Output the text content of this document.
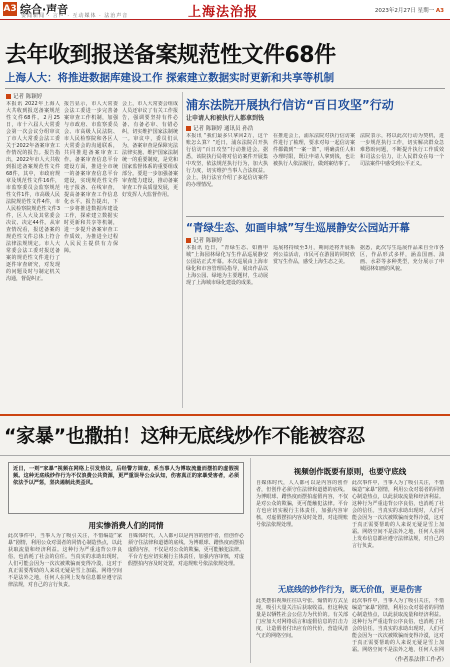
A3 综合·声音
要闻新闻 · 言声 · 互动媒体 · 法治声音	上海法治报	2023年2月27日 星期一 A3
去年收到报送备案规范性文件68件
上海人大：将推进数据库建设工作 探索建立数据实时更新和共享等机制
记者 陈颖婷
本报讯 2022年上海人大共收到报送备案规范性文件68件。2月25日，市十六届人大常委会第一次会议分组审议了市人大常委会法工委关于2022年备案审查工作情况的报告。报告指出，2022年市人大共收到报送备案规范性文件68件，其中，市政府规章及规范性文件16件，市监察委员会监察规范性文件1件，市高级人民法院规范性文件4件，市人民检察院规范性文件3件，区人大及其常委会决议、决定44件。从审查情况看，报送备案的规范性文件总体上符合法律法规规定。市人大常委会法工委对报送备案的规范性文件进行了逐件审查研究，对发现的问题及时与制定机关沟通，督促纠正。
报告显示，市人大常委会法工委进一步完善备案审查工作机制，加强与市政府、市监察委员会、市高级人民法院、市人民检察院和各区人大常委会的沟通联系，共同推进备案审查工作。备案审查信息平台建设方面，推进全市统一的备案审查信息平台建设，实现规范性文件电子报备、在线审查，提高备案审查工作信息化水平。报告提出，下一步将推进数据库建设工作，探索建立数据实时更新和共享等机制，进一步提升备案审查工作质效，为推进全过程人民民主提供有力保障。
会上，市人大常委会组成人员还审议了有关工作报告，强调要坚持有件必备、有备必审、有错必纠，切实维护国家法制统一。审议中，委员们认为，备案审查是保障宪法法律实施、维护国家法制统一的重要制度，是党和国家监督体系的重要组成部分。要进一步加强备案审查能力建设，推动备案审查工作高质量发展，更好发挥人大监督作用。
浦东法院开展执行信访“百日攻坚”行动
让申请人和被执行人都拿到钱
记者 陈颖婷 通讯员 孙浩
本报讯 “我们最多只拿回2万，这个账怎么算？”近日，浦东法院召开执行信访“百日攻坚”行动推进会。据悉，该院执行局将对信访案件开展集中攻坚，依法规范执行行为，加大执行力度，切实维护当事人合法权益。会上，执行法官介绍了多起信访案件的办理情况。
在推进会上，浦东法院对执行信访案件进行了梳理，要求对每一起信访案件都做到“一案一策”，明确责任人和办理时限，既让申请人拿到钱，也让被执行人依法履行，做到案结事了。
法院表示，将以此次行动为契机，进一步规范执行工作，切实解决群众急难愁盼问题，不断提升执行工作质效和司法公信力，让人民群众在每一个司法案件中感受到公平正义。
“青绿生态、如画申城”写生巡展静安公园站开幕
记者 陈颖婷
本报讯 近日，“青绿生态、如画申城”上海园林绿化写生作品巡展静安公园站正式开幕。本次巡展由上海市绿化和市容管理局指导，展出作品以上海公园、绿地为主要题材，生动展现了上海城市绿化建设的成果。
巡展将持续至3月，期间还将开展系列公益活动，市民可在游园的同时欣赏写生作品，感受上海生态之美。
据悉，此次写生巡展作品来自全市各区，作品形式多样，涵盖国画、油画、水彩等多种类型，充分展示了申城园林如画的风貌。
“家暴”也撒拍！这种无底线炒作不能被容忍
近日，一则“家暴”视频在网络上引发热议，后经警方调查，系当事人为博取流量而摆拍的虚假视频。这种无底线炒作行为不仅浪费公共资源，更严重误导公众认知，伤害真正的家暴受害者，必须依法予以严惩，坚决遏制此类歪风。
用实惨消费人们的同情
此次事件中，当事人为了吸引关注，不惜编造“家暴”剧情，利用公众对弱者的同情心制造热点，以此获取流量和经济利益。这种行为严重违背公序良俗，也消耗了社会的信任。当真实的求助出现时，人们可能会因为一次次被欺骗而变得冷漠，这对于真正需要帮助的人来说无疑是雪上加霜。网络空间不是法外之地，任何人在网上发布信息都应遵守法律法规，对自己的言行负责。
自媒体时代，人人都可以是内容的创作者，但创作必须守住法律和道德的底线。为博眼球、蹭热度而摆拍虚假内容，不仅是对公众的欺骗，更可能触犯法律。平台方也应切实履行主体责任，加强内容审核，对虚假摆拍内容及时处置，对违规账号依法依规处理。
视频创作既要有原则，也要守底线
自媒体时代，人人都可以是内容的创作者，但创作必须守住法律和道德的底线。为博眼球、蹭热度而摆拍虚假内容，不仅是对公众的欺骗，更可能触犯法律。平台方也应切实履行主体责任，加强内容审核，对虚假摆拍内容及时处置，对违规账号依法依规处理。
此次事件中，当事人为了吸引关注，不惜编造“家暴”剧情，利用公众对弱者的同情心制造热点，以此获取流量和经济利益。这种行为严重违背公序良俗，也消耗了社会的信任。当真实的求助出现时，人们可能会因为一次次被欺骗而变得冷漠，这对于真正需要帮助的人来说无疑是雪上加霜。网络空间不是法外之地，任何人在网上发布信息都应遵守法律法规，对自己的言行负责。
无底线的炒作行为，既无价值，更是伤害
此类摆拍视频往往以夸张、煽情的方式呈现，吸引大量关注后获取收益。但这种流量是以牺牲社会公信力为代价的。有关部门应加大对网络谣言和虚假信息的打击力度，让造假者付出应有的代价，营造风清气正的网络空间。
此次事件中，当事人为了吸引关注，不惜编造“家暴”剧情，利用公众对弱者的同情心制造热点，以此获取流量和经济利益。这种行为严重违背公序良俗，也消耗了社会的信任。当真实的求助出现时，人们可能会因为一次次被欺骗而变得冷漠，这对于真正需要帮助的人来说无疑是雪上加霜。网络空间不是法外之地，任何人在网
（作者系法律工作者）
